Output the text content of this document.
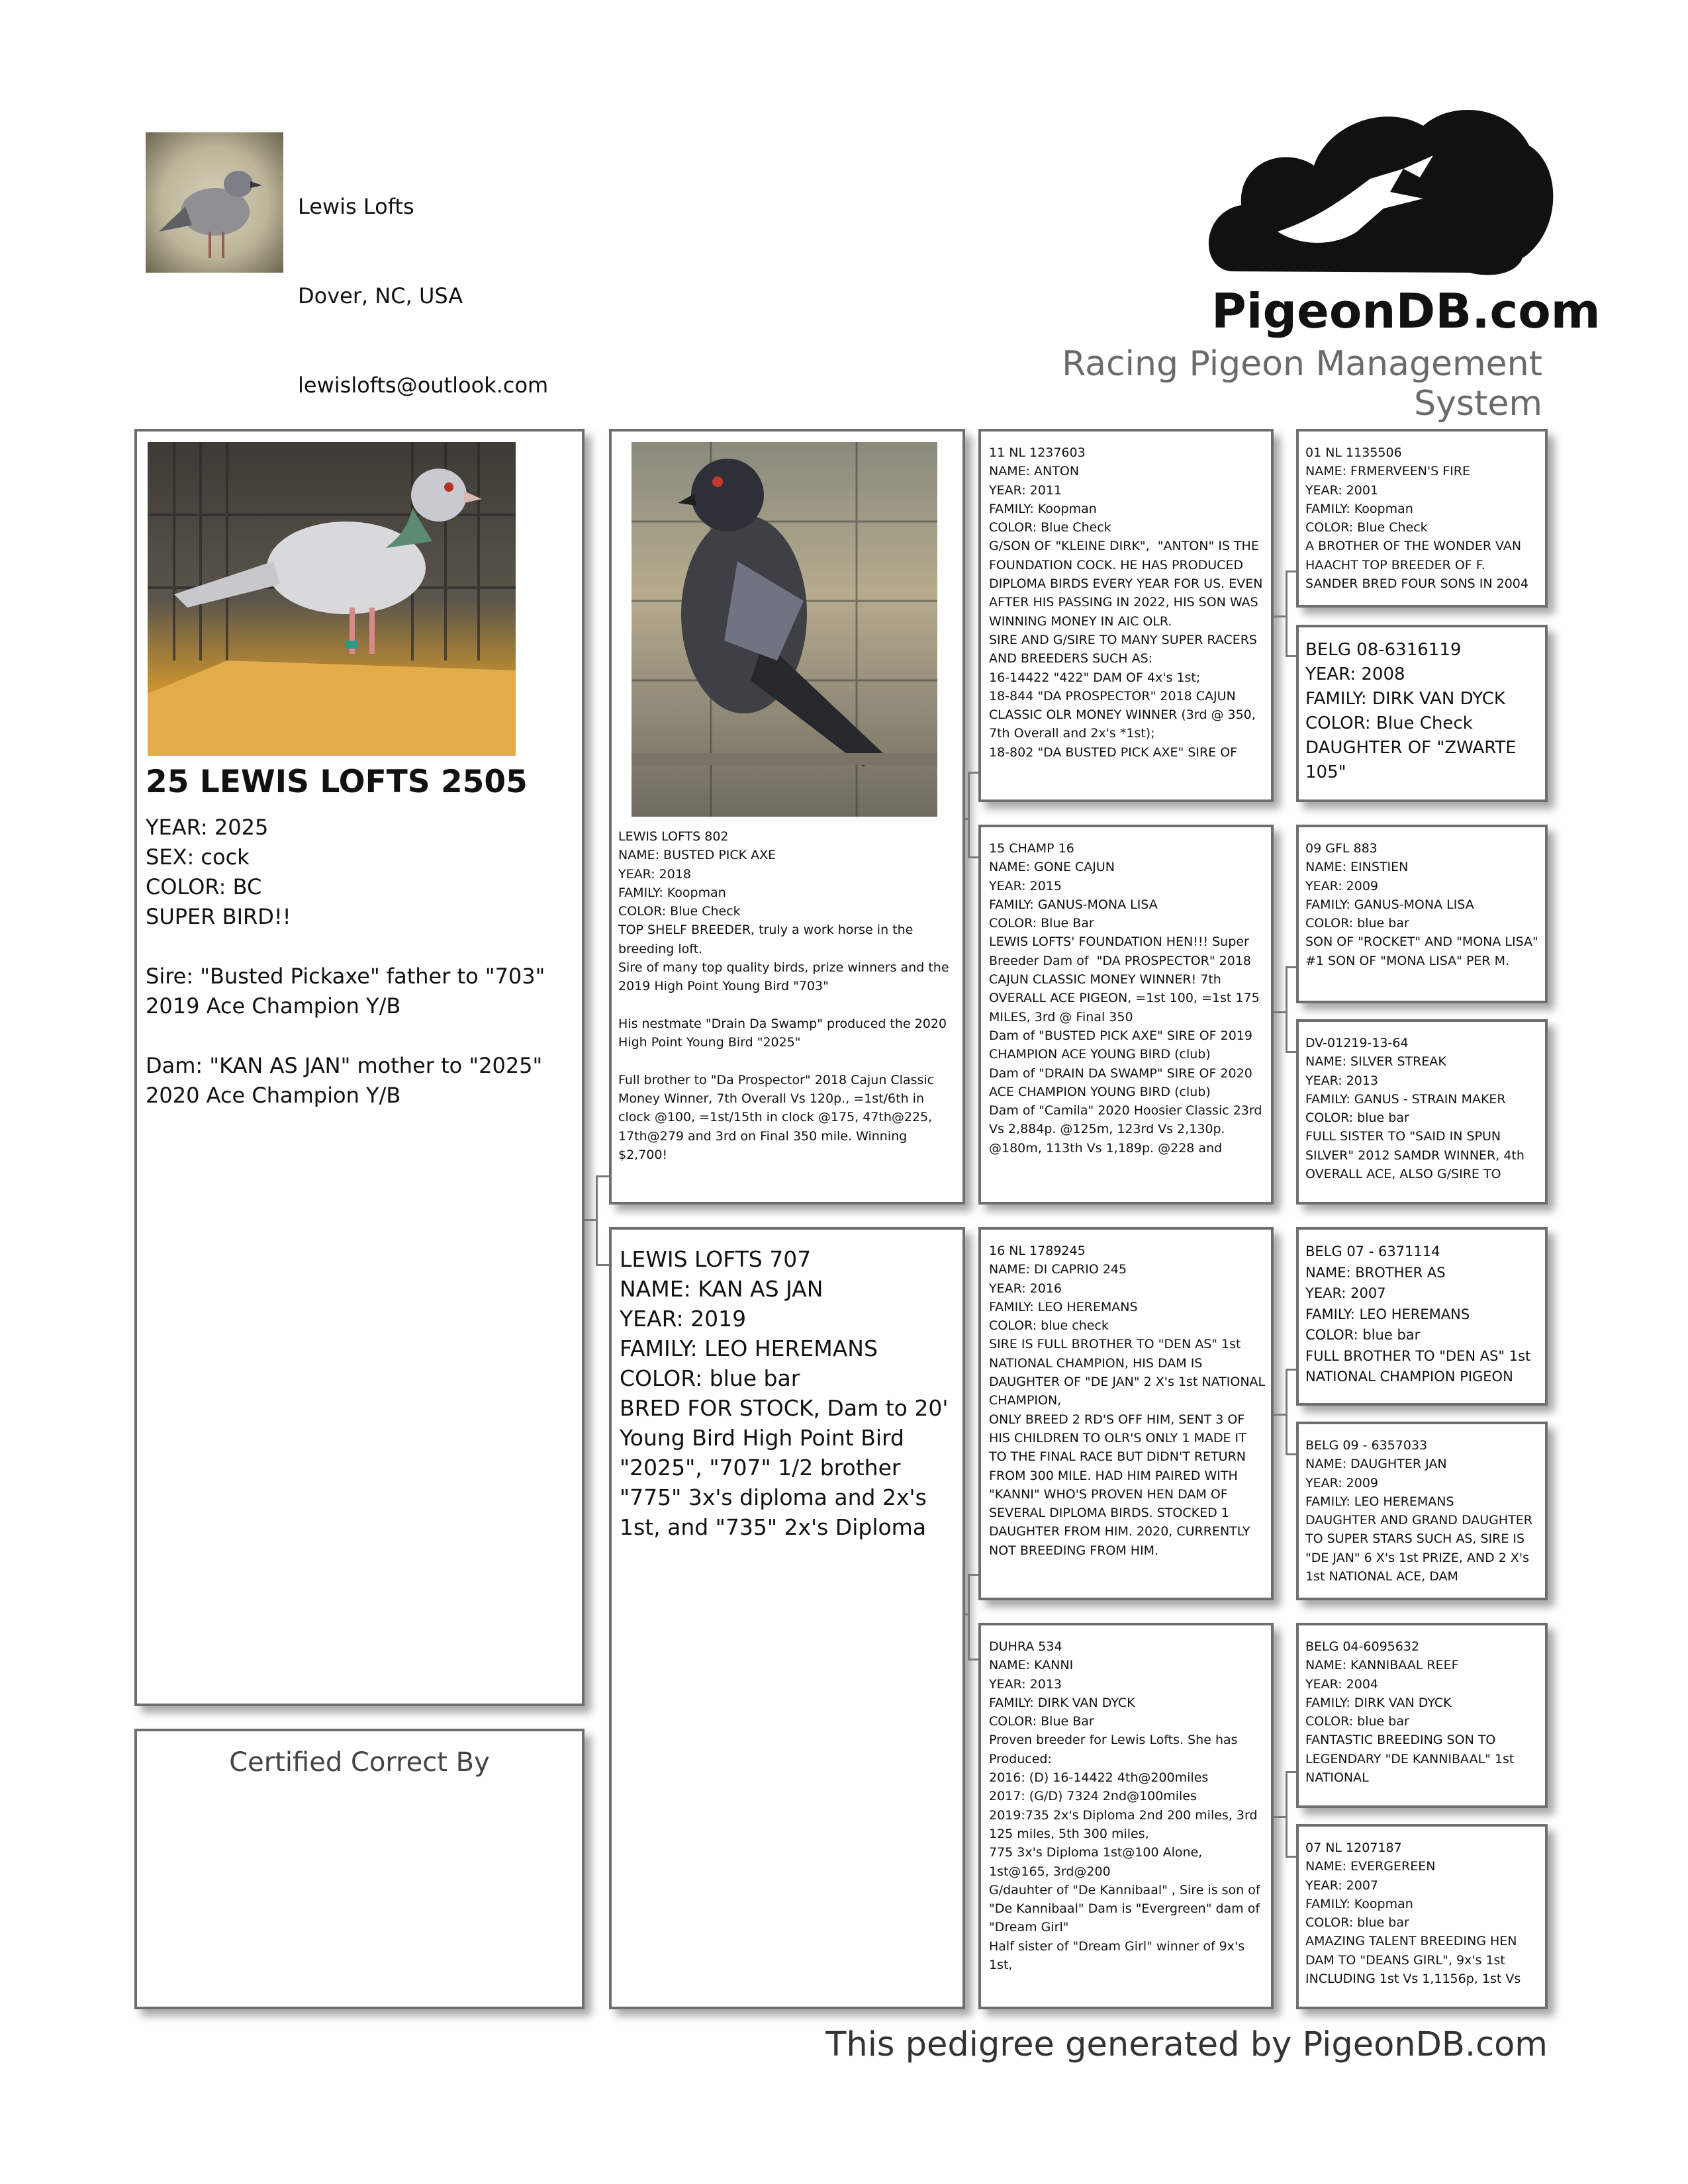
Lewis Lofts

Dover, NC, USA

lewislofts@outlook.com

PigeonDB.com
Racing Pigeon Management System
25 LEWIS LOFTS 2505
YEAR: 2025
SEX: cock
COLOR: BC
SUPER BIRD!!

Sire: "Busted Pickaxe" father to "703" 2019 Ace Champion Y/B

Dam: "KAN AS JAN" mother to "2025" 2020 Ace Champion Y/B
Certified Correct By
LEWIS LOFTS 802
NAME: BUSTED PICK AXE
YEAR: 2018
FAMILY: Koopman
COLOR: Blue Check
TOP SHELF BREEDER, truly a work horse in the breeding loft.
Sire of many top quality birds, prize winners and the 2019 High Point Young Bird "703"

His nestmate "Drain Da Swamp" produced the 2020 High Point Young Bird "2025"

Full brother to "Da Prospector" 2018 Cajun Classic Money Winner, 7th Overall Vs 120p., =1st/6th in clock @100, =1st/15th in clock @175, 47th@225, 17th@279 and 3rd on Final 350 mile. Winning $2,700!
LEWIS LOFTS 707
NAME: KAN AS JAN
YEAR: 2019
FAMILY: LEO HEREMANS
COLOR: blue bar
BRED FOR STOCK, Dam to 20' Young Bird High Point Bird "2025", "707" 1/2 brother "775" 3x's diploma and 2x's 1st, and "735" 2x's Diploma
11 NL 1237603
NAME: ANTON
YEAR: 2011
FAMILY: Koopman
COLOR: Blue Check
G/SON OF "KLEINE DIRK",  "ANTON" IS THE FOUNDATION COCK. HE HAS PRODUCED DIPLOMA BIRDS EVERY YEAR FOR US. EVEN AFTER HIS PASSING IN 2022, HIS SON WAS WINNING MONEY IN AIC OLR.
SIRE AND G/SIRE TO MANY SUPER RACERS AND BREEDERS SUCH AS:
16-14422 "422" DAM OF 4x's 1st;
18-844 "DA PROSPECTOR" 2018 CAJUN CLASSIC OLR MONEY WINNER (3rd @ 350, 7th Overall and 2x's *1st);
18-802 "DA BUSTED PICK AXE" SIRE OF
15 CHAMP 16
NAME: GONE CAJUN
YEAR: 2015
FAMILY: GANUS-MONA LISA
COLOR: Blue Bar
LEWIS LOFTS' FOUNDATION HEN!!! Super Breeder Dam of  "DA PROSPECTOR" 2018 CAJUN CLASSIC MONEY WINNER! 7th OVERALL ACE PIGEON, =1st 100, =1st 175 MILES, 3rd @ Final 350
Dam of "BUSTED PICK AXE" SIRE OF 2019 CHAMPION ACE YOUNG BIRD (club)
Dam of "DRAIN DA SWAMP" SIRE OF 2020 ACE CHAMPION YOUNG BIRD (club)
Dam of "Camila" 2020 Hoosier Classic 23rd Vs 2,884p. @125m, 123rd Vs 2,130p. @180m, 113th Vs 1,189p. @228 and
16 NL 1789245
NAME: DI CAPRIO 245
YEAR: 2016
FAMILY: LEO HEREMANS
COLOR: blue check
SIRE IS FULL BROTHER TO "DEN AS" 1st NATIONAL CHAMPION, HIS DAM IS DAUGHTER OF "DE JAN" 2 X's 1st NATIONAL CHAMPION,
ONLY BREED 2 RD'S OFF HIM, SENT 3 OF HIS CHILDREN TO OLR'S ONLY 1 MADE IT TO THE FINAL RACE BUT DIDN'T RETURN FROM 300 MILE. HAD HIM PAIRED WITH "KANNI" WHO'S PROVEN HEN DAM OF SEVERAL DIPLOMA BIRDS. STOCKED 1 DAUGHTER FROM HIM. 2020, CURRENTLY NOT BREEDING FROM HIM.
DUHRA 534
NAME: KANNI
YEAR: 2013
FAMILY: DIRK VAN DYCK
COLOR: Blue Bar
Proven breeder for Lewis Lofts. She has Produced:
2016: (D) 16-14422 4th@200miles
2017: (G/D) 7324 2nd@100miles
2019:735 2x's Diploma 2nd 200 miles, 3rd 125 miles, 5th 300 miles,
775 3x's Diploma 1st@100 Alone, 1st@165, 3rd@200
G/dauhter of "De Kannibaal" , Sire is son of "De Kannibaal" Dam is "Evergreen" dam of "Dream Girl"
Half sister of "Dream Girl" winner of 9x's 1st,
01 NL 1135506
NAME: FRMERVEEN'S FIRE
YEAR: 2001
FAMILY: Koopman
COLOR: Blue Check
A BROTHER OF THE WONDER VAN HAACHT TOP BREEDER OF F. SANDER BRED FOUR SONS IN 2004
BELG 08-6316119
YEAR: 2008
FAMILY: DIRK VAN DYCK
COLOR: Blue Check
DAUGHTER OF "ZWARTE 105"
09 GFL 883
NAME: EINSTIEN
YEAR: 2009
FAMILY: GANUS-MONA LISA
COLOR: blue bar
SON OF "ROCKET" AND "MONA LISA"
#1 SON OF "MONA LISA" PER M.
DV-01219-13-64
NAME: SILVER STREAK
YEAR: 2013
FAMILY: GANUS - STRAIN MAKER
COLOR: blue bar
FULL SISTER TO "SAID IN SPUN SILVER" 2012 SAMDR WINNER, 4th OVERALL ACE, ALSO G/SIRE TO
BELG 07 - 6371114
NAME: BROTHER AS
YEAR: 2007
FAMILY: LEO HEREMANS
COLOR: blue bar
FULL BROTHER TO "DEN AS" 1st NATIONAL CHAMPION PIGEON
BELG 09 - 6357033
NAME: DAUGHTER JAN
YEAR: 2009
FAMILY: LEO HEREMANS
DAUGHTER AND GRAND DAUGHTER TO SUPER STARS SUCH AS, SIRE IS "DE JAN" 6 X's 1st PRIZE, AND 2 X's 1st NATIONAL ACE, DAM
BELG 04-6095632
NAME: KANNIBAAL REEF
YEAR: 2004
FAMILY: DIRK VAN DYCK
COLOR: blue bar
FANTASTIC BREEDING SON TO LEGENDARY "DE KANNIBAAL" 1st NATIONAL
07 NL 1207187
NAME: EVERGEREEN
YEAR: 2007
FAMILY: Koopman
COLOR: blue bar
AMAZING TALENT BREEDING HEN DAM TO "DEANS GIRL", 9x's 1st INCLUDING 1st Vs 1,1156p, 1st Vs
This pedigree generated by PigeonDB.com
